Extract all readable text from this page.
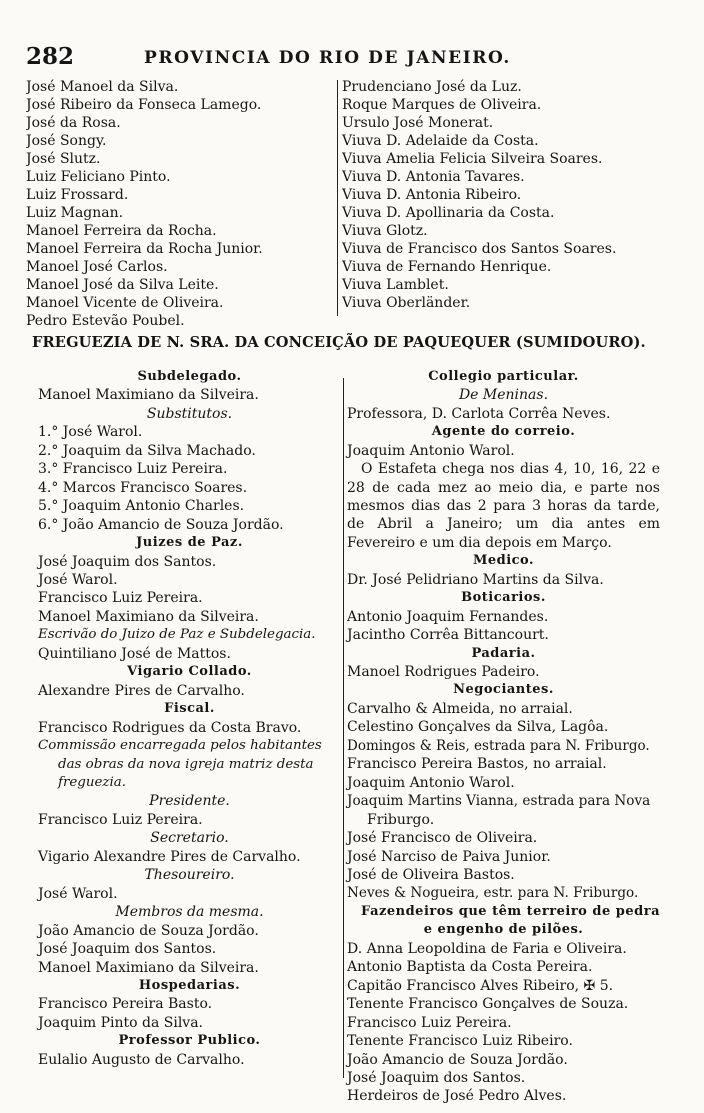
282	PROVINCIA DO RIO DE JANEIRO.
José Manoel da Silva.
José Ribeiro da Fonseca Lamego.
José da Rosa.
José Songy.
José Slutz.
Luiz Feliciano Pinto.
Luiz Frossard.
Luiz Magnan.
Manoel Ferreira da Rocha.
Manoel Ferreira da Rocha Junior.
Manoel José Carlos.
Manoel José da Silva Leite.
Manoel Vicente de Oliveira.
Pedro Estevão Poubel.
Prudenciano José da Luz.
Roque Marques de Oliveira.
Ursulo José Monerat.
Viuva D. Adelaide da Costa.
Viuva Amelia Felicia Silveira Soares.
Viuva D. Antonia Tavares.
Viuva D. Antonia Ribeiro.
Viuva D. Apollinaria da Costa.
Viuva Glotz.
Viuva de Francisco dos Santos Soares.
Viuva de Fernando Henrique.
Viuva Lamblet.
Viuva Oberländer.
FREGUEZIA DE N. SRA. DA CONCEIÇÃO DE PAQUEQUER (SUMIDOURO).
Subdelegado.
Manoel Maximiano da Silveira.
Substitutos.
1.° José Warol.
2.° Joaquim da Silva Machado.
3.° Francisco Luiz Pereira.
4.° Marcos Francisco Soares.
5.° Joaquim Antonio Charles.
6.° João Amancio de Souza Jordão.
Juizes de Paz.
José Joaquim dos Santos.
José Warol.
Francisco Luiz Pereira.
Manoel Maximiano da Silveira.
Escrivão do Juizo de Paz e Subdelegacia.
Quintiliano José de Mattos.
Vigario Collado.
Alexandre Pires de Carvalho.
Fiscal.
Francisco Rodrigues da Costa Bravo.
Commissão encarregada pelos habitantes
das obras da nova igreja matriz desta
freguezia.
Presidente.
Francisco Luiz Pereira.
Secretario.
Vigario Alexandre Pires de Carvalho.
Thesoureiro.
José Warol.
Membros da mesma.
João Amancio de Souza Jordão.
José Joaquim dos Santos.
Manoel Maximiano da Silveira.
Hospedarias.
Francisco Pereira Basto.
Joaquim Pinto da Silva.
Professor Publico.
Eulalio Augusto de Carvalho.
Collegio particular.
De Meninas.
Professora, D. Carlota Corrêa Neves.
Agente do correio.
Joaquim Antonio Warol.
O Estafeta chega nos dias 4, 10, 16, 22 e 28 de cada mez ao meio dia, e parte nos mesmos dias das 2 para 3 horas da tarde, de Abril a Janeiro; um dia antes em Fevereiro e um dia depois em Março.
Medico.
Dr. José Pelidriano Martins da Silva.
Boticarios.
Antonio Joaquim Fernandes.
Jacintho Corrêa Bittancourt.
Padaria.
Manoel Rodrigues Padeiro.
Negociantes.
Carvalho & Almeida, no arraial.
Celestino Gonçalves da Silva, Lagôa.
Domingos & Reis, estrada para N. Friburgo.
Francisco Pereira Bastos, no arraial.
Joaquim Antonio Warol.
Joaquim Martins Vianna, estrada para Nova
Friburgo.
José Francisco de Oliveira.
José Narciso de Paiva Junior.
José de Oliveira Bastos.
Neves & Nogueira, estr. para N. Friburgo.
Fazendeiros que têm terreiro de pedra
e engenho de pilões.
D. Anna Leopoldina de Faria e Oliveira.
Antonio Baptista da Costa Pereira.
Capitão Francisco Alves Ribeiro, ✠ 5.
Tenente Francisco Gonçalves de Souza.
Francisco Luiz Pereira.
Tenente Francisco Luiz Ribeiro.
João Amancio de Souza Jordão.
José Joaquim dos Santos.
Herdeiros de José Pedro Alves.
